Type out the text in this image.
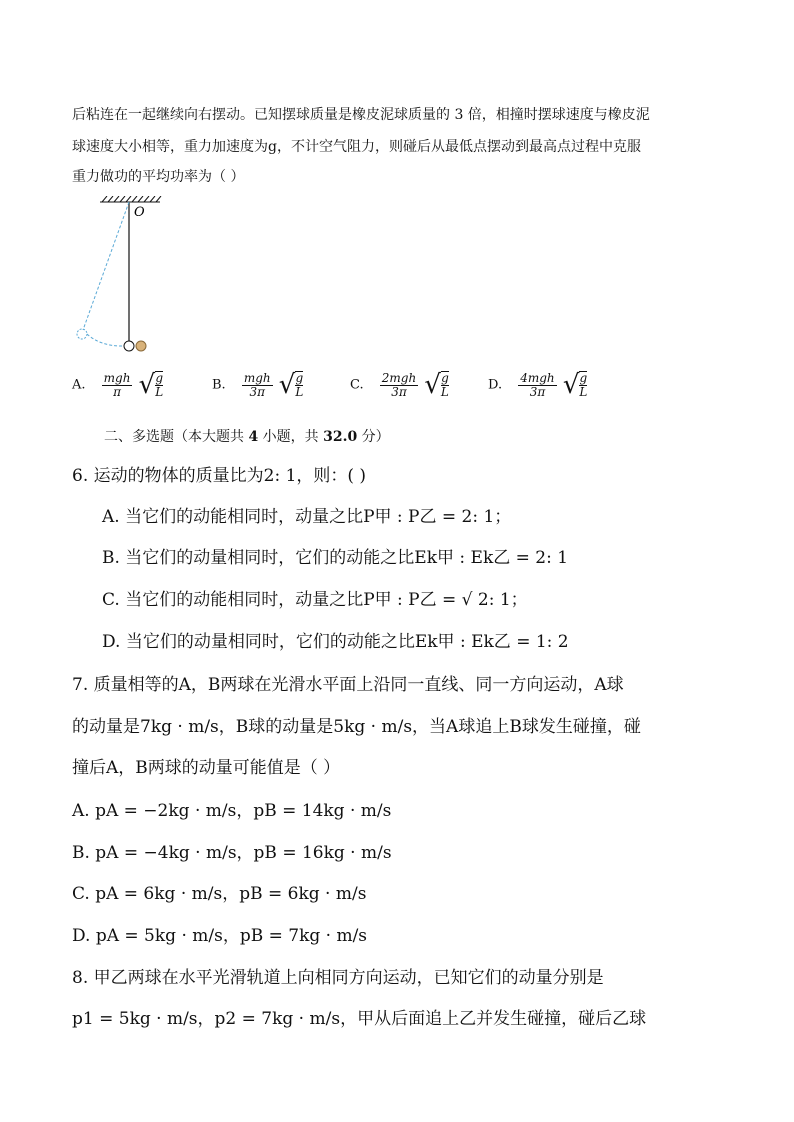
后粘连在一起继续向右摆动。已知摆球质量是橡皮泥球质量的 3 倍，相撞时摆球速度与橡皮泥
球速度大小相等，重力加速度为g，不计空气阻力，则碰后从最低点摆动到最高点过程中克服
重力做功的平均功率为（ ）
O
A. $\frac{\text{mgh}}{\pi}$ √ $\frac{g}{L}$	B. $\frac{\text{mgh}}{3\pi}$ √ $\frac{g}{L}$	C. $\frac{\text{2mgh}}{3\pi}$ √ $\frac{g}{L}$	D. $\frac{\text{4mgh}}{3\pi}$ √ $\frac{g}{L}$
二、多选题（本大题共 4 小题，共 32.0 分）
6. 运动的物体的质量比为2: 1，则：( )
A. 当它们的动能相同时，动量之比P甲 : P乙 = 2: 1；
B. 当它们的动量相同时，它们的动能之比Ek甲 : Ek乙 = 2: 1
C. 当它们的动能相同时，动量之比P甲 : P乙 = √ 2: 1；
D. 当它们的动量相同时，它们的动能之比Ek甲 : Ek乙 = 1: 2
7. 质量相等的A，B两球在光滑水平面上沿同一直线、同一方向运动，A球
的动量是7kg · m/s，B球的动量是5kg · m/s，当A球追上B球发生碰撞，碰
撞后A，B两球的动量可能值是（ ）
A. pA = −2kg · m/s，pB = 14kg · m/s
B. pA = −4kg · m/s，pB = 16kg · m/s
C. pA = 6kg · m/s，pB = 6kg · m/s
D. pA = 5kg · m/s，pB = 7kg · m/s
8. 甲乙两球在水平光滑轨道上向相同方向运动，已知它们的动量分别是
p1 = 5kg · m/s，p2 = 7kg · m/s，甲从后面追上乙并发生碰撞，碰后乙球
